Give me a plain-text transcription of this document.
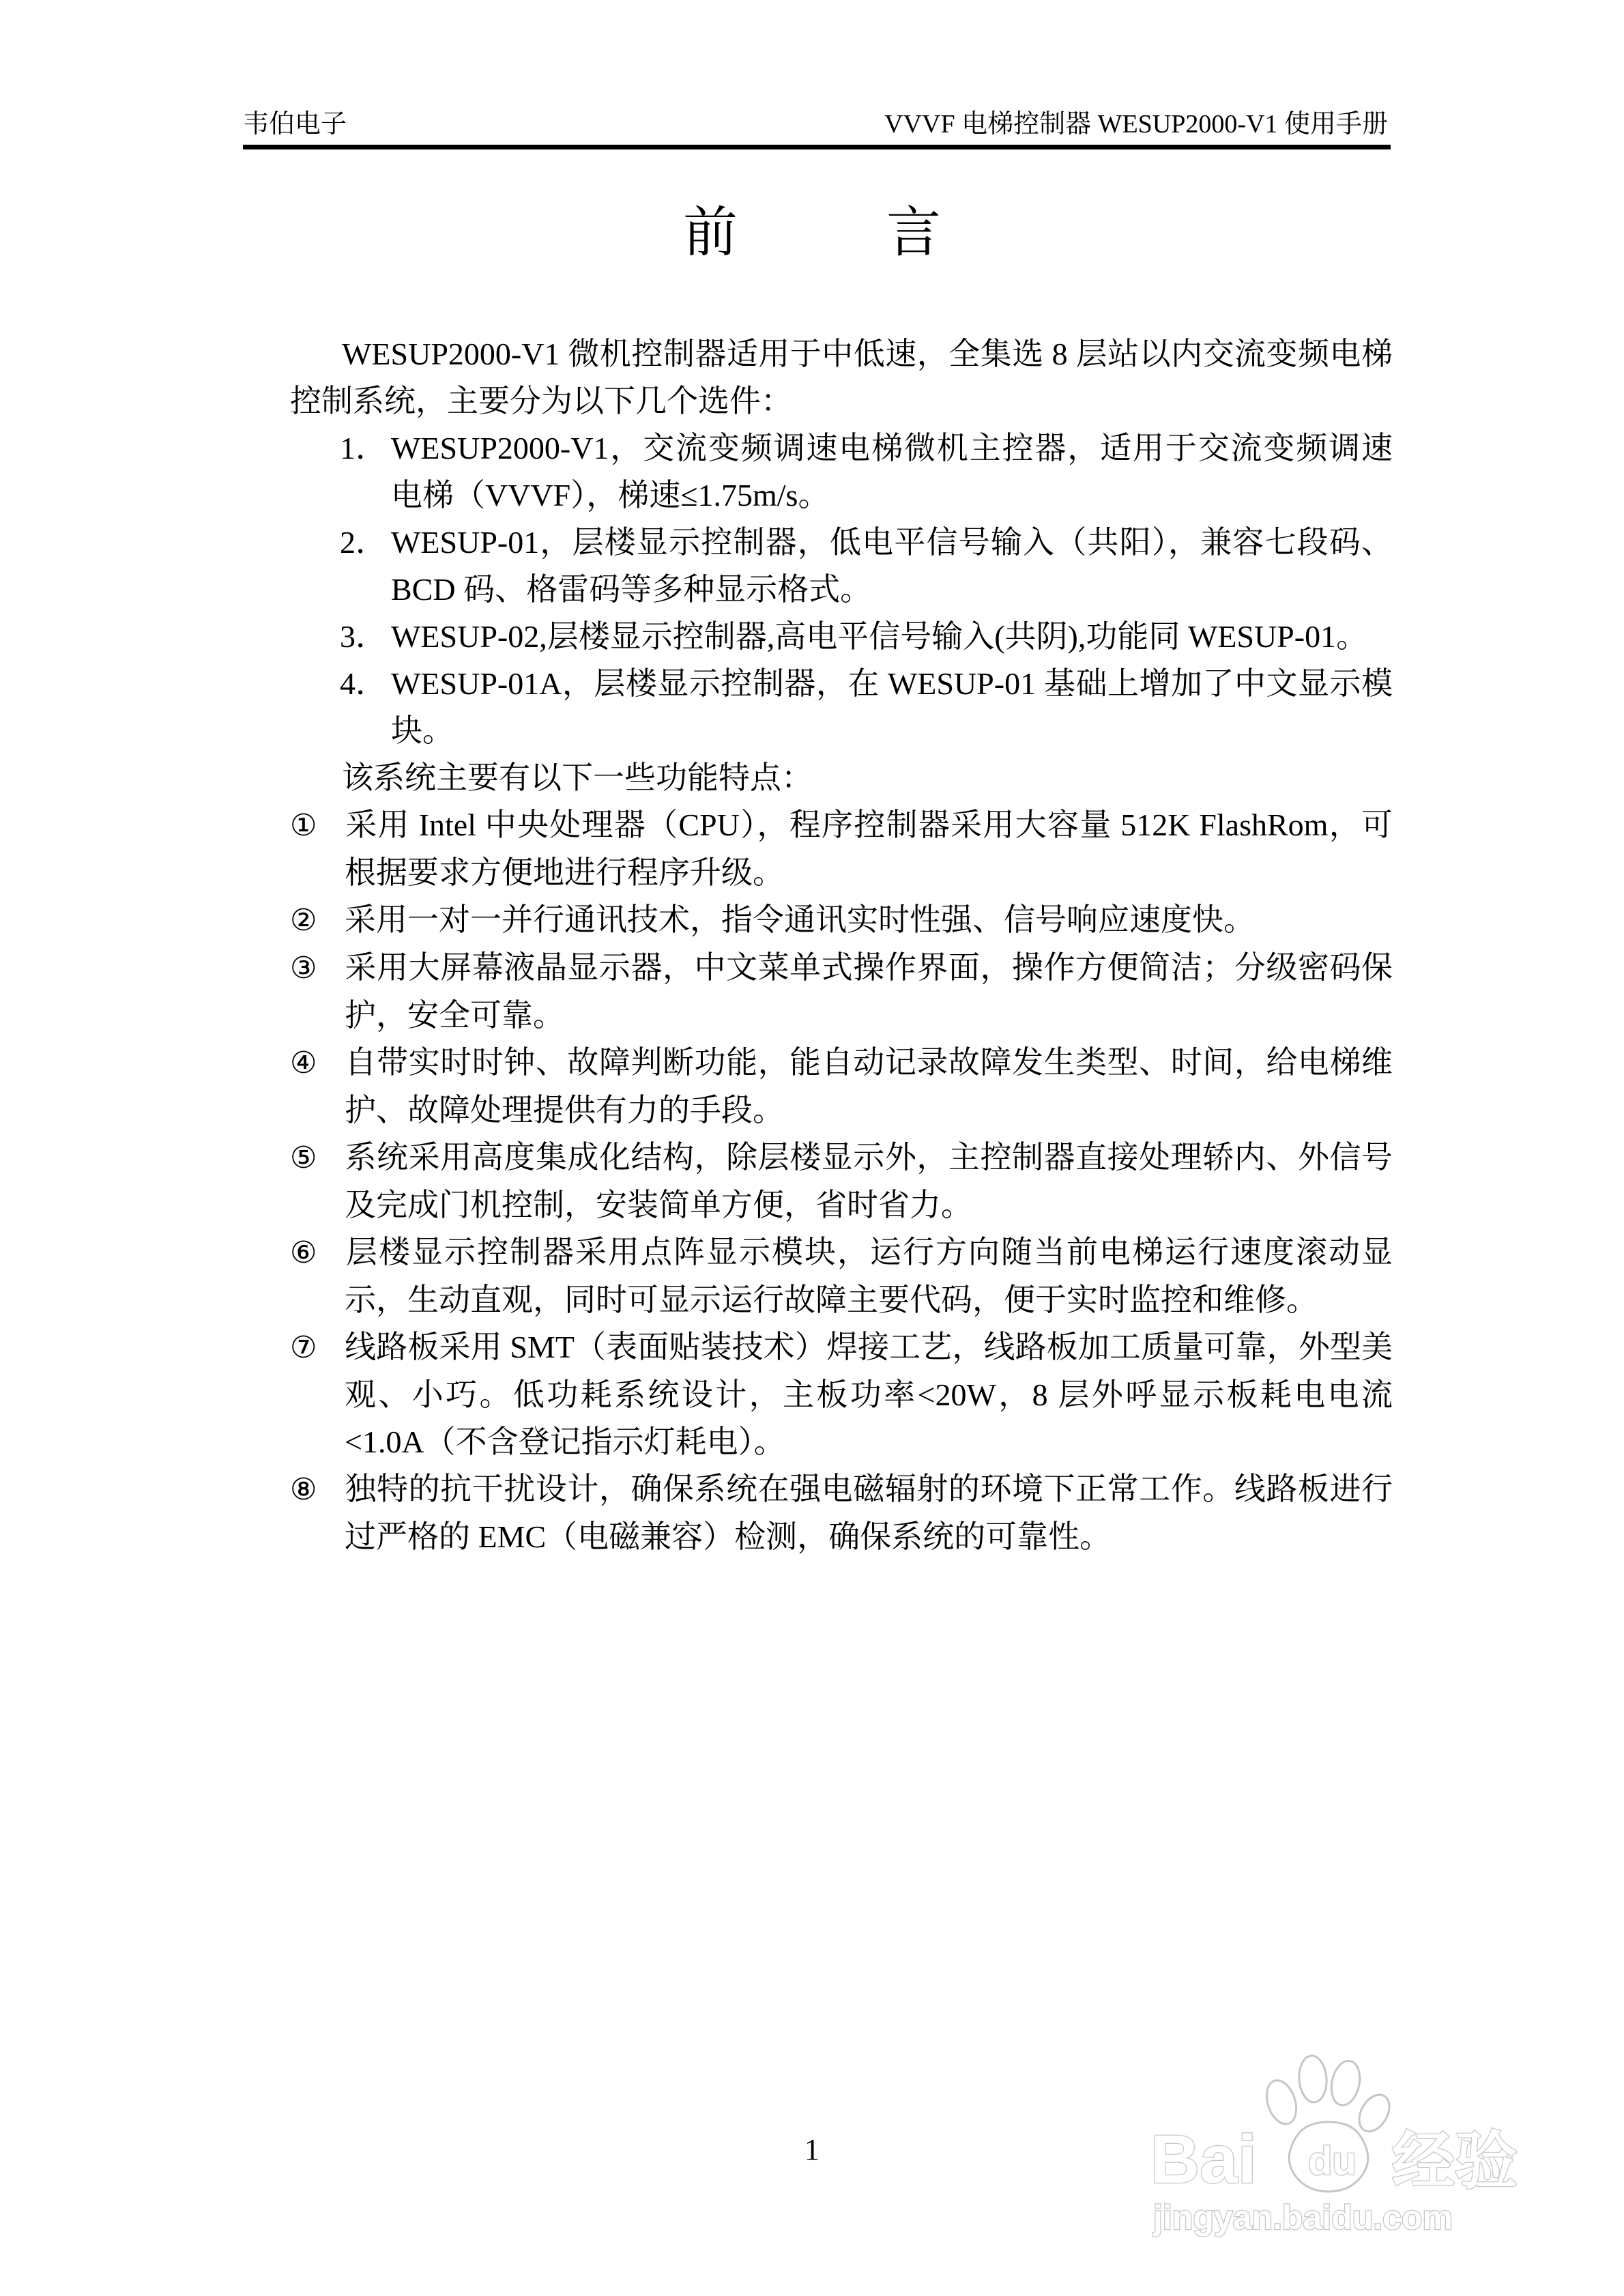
韦伯电子	VVVF 电梯控制器 WESUP2000-V1 使用手册
前	言

WESUP2000-V1 微机控制器适用于中低速，全集选 8 层站以内交流变频电梯控制系统，主要分为以下几个选件：

1． WESUP2000-V1，交流变频调速电梯微机主控器，适用于交流变频调速电梯（VVVF），梯速≤1.75m/s。
2． WESUP-01，层楼显示控制器，低电平信号输入（共阳），兼容七段码、BCD 码、格雷码等多种显示格式。
3． WESUP-02,层楼显示控制器,高电平信号输入(共阴),功能同 WESUP-01。
4． WESUP-01A，层楼显示控制器，在 WESUP-01 基础上增加了中文显示模块。

该系统主要有以下一些功能特点：

① 采用 Intel 中央处理器（CPU），程序控制器采用大容量 512K FlashRom，可根据要求方便地进行程序升级。
② 采用一对一并行通讯技术，指令通讯实时性强、信号响应速度快。
③ 采用大屏幕液晶显示器，中文菜单式操作界面，操作方便简洁；分级密码保护，安全可靠。
④ 自带实时时钟、故障判断功能，能自动记录故障发生类型、时间，给电梯维护、故障处理提供有力的手段。
⑤ 系统采用高度集成化结构，除层楼显示外，主控制器直接处理轿内、外信号及完成门机控制，安装简单方便，省时省力。
⑥ 层楼显示控制器采用点阵显示模块，运行方向随当前电梯运行速度滚动显示，生动直观，同时可显示运行故障主要代码，便于实时监控和维修。
⑦ 线路板采用 SMT（表面贴装技术）焊接工艺，线路板加工质量可靠，外型美观、小巧。低功耗系统设计，主板功率<20W，8 层外呼显示板耗电电流<1.0A（不含登记指示灯耗电）。
⑧ 独特的抗干扰设计，确保系统在强电磁辐射的环境下正常工作。线路板进行过严格的 EMC（电磁兼容）检测，确保系统的可靠性。
1	Bai du 经验
jingyan.baidu.com
